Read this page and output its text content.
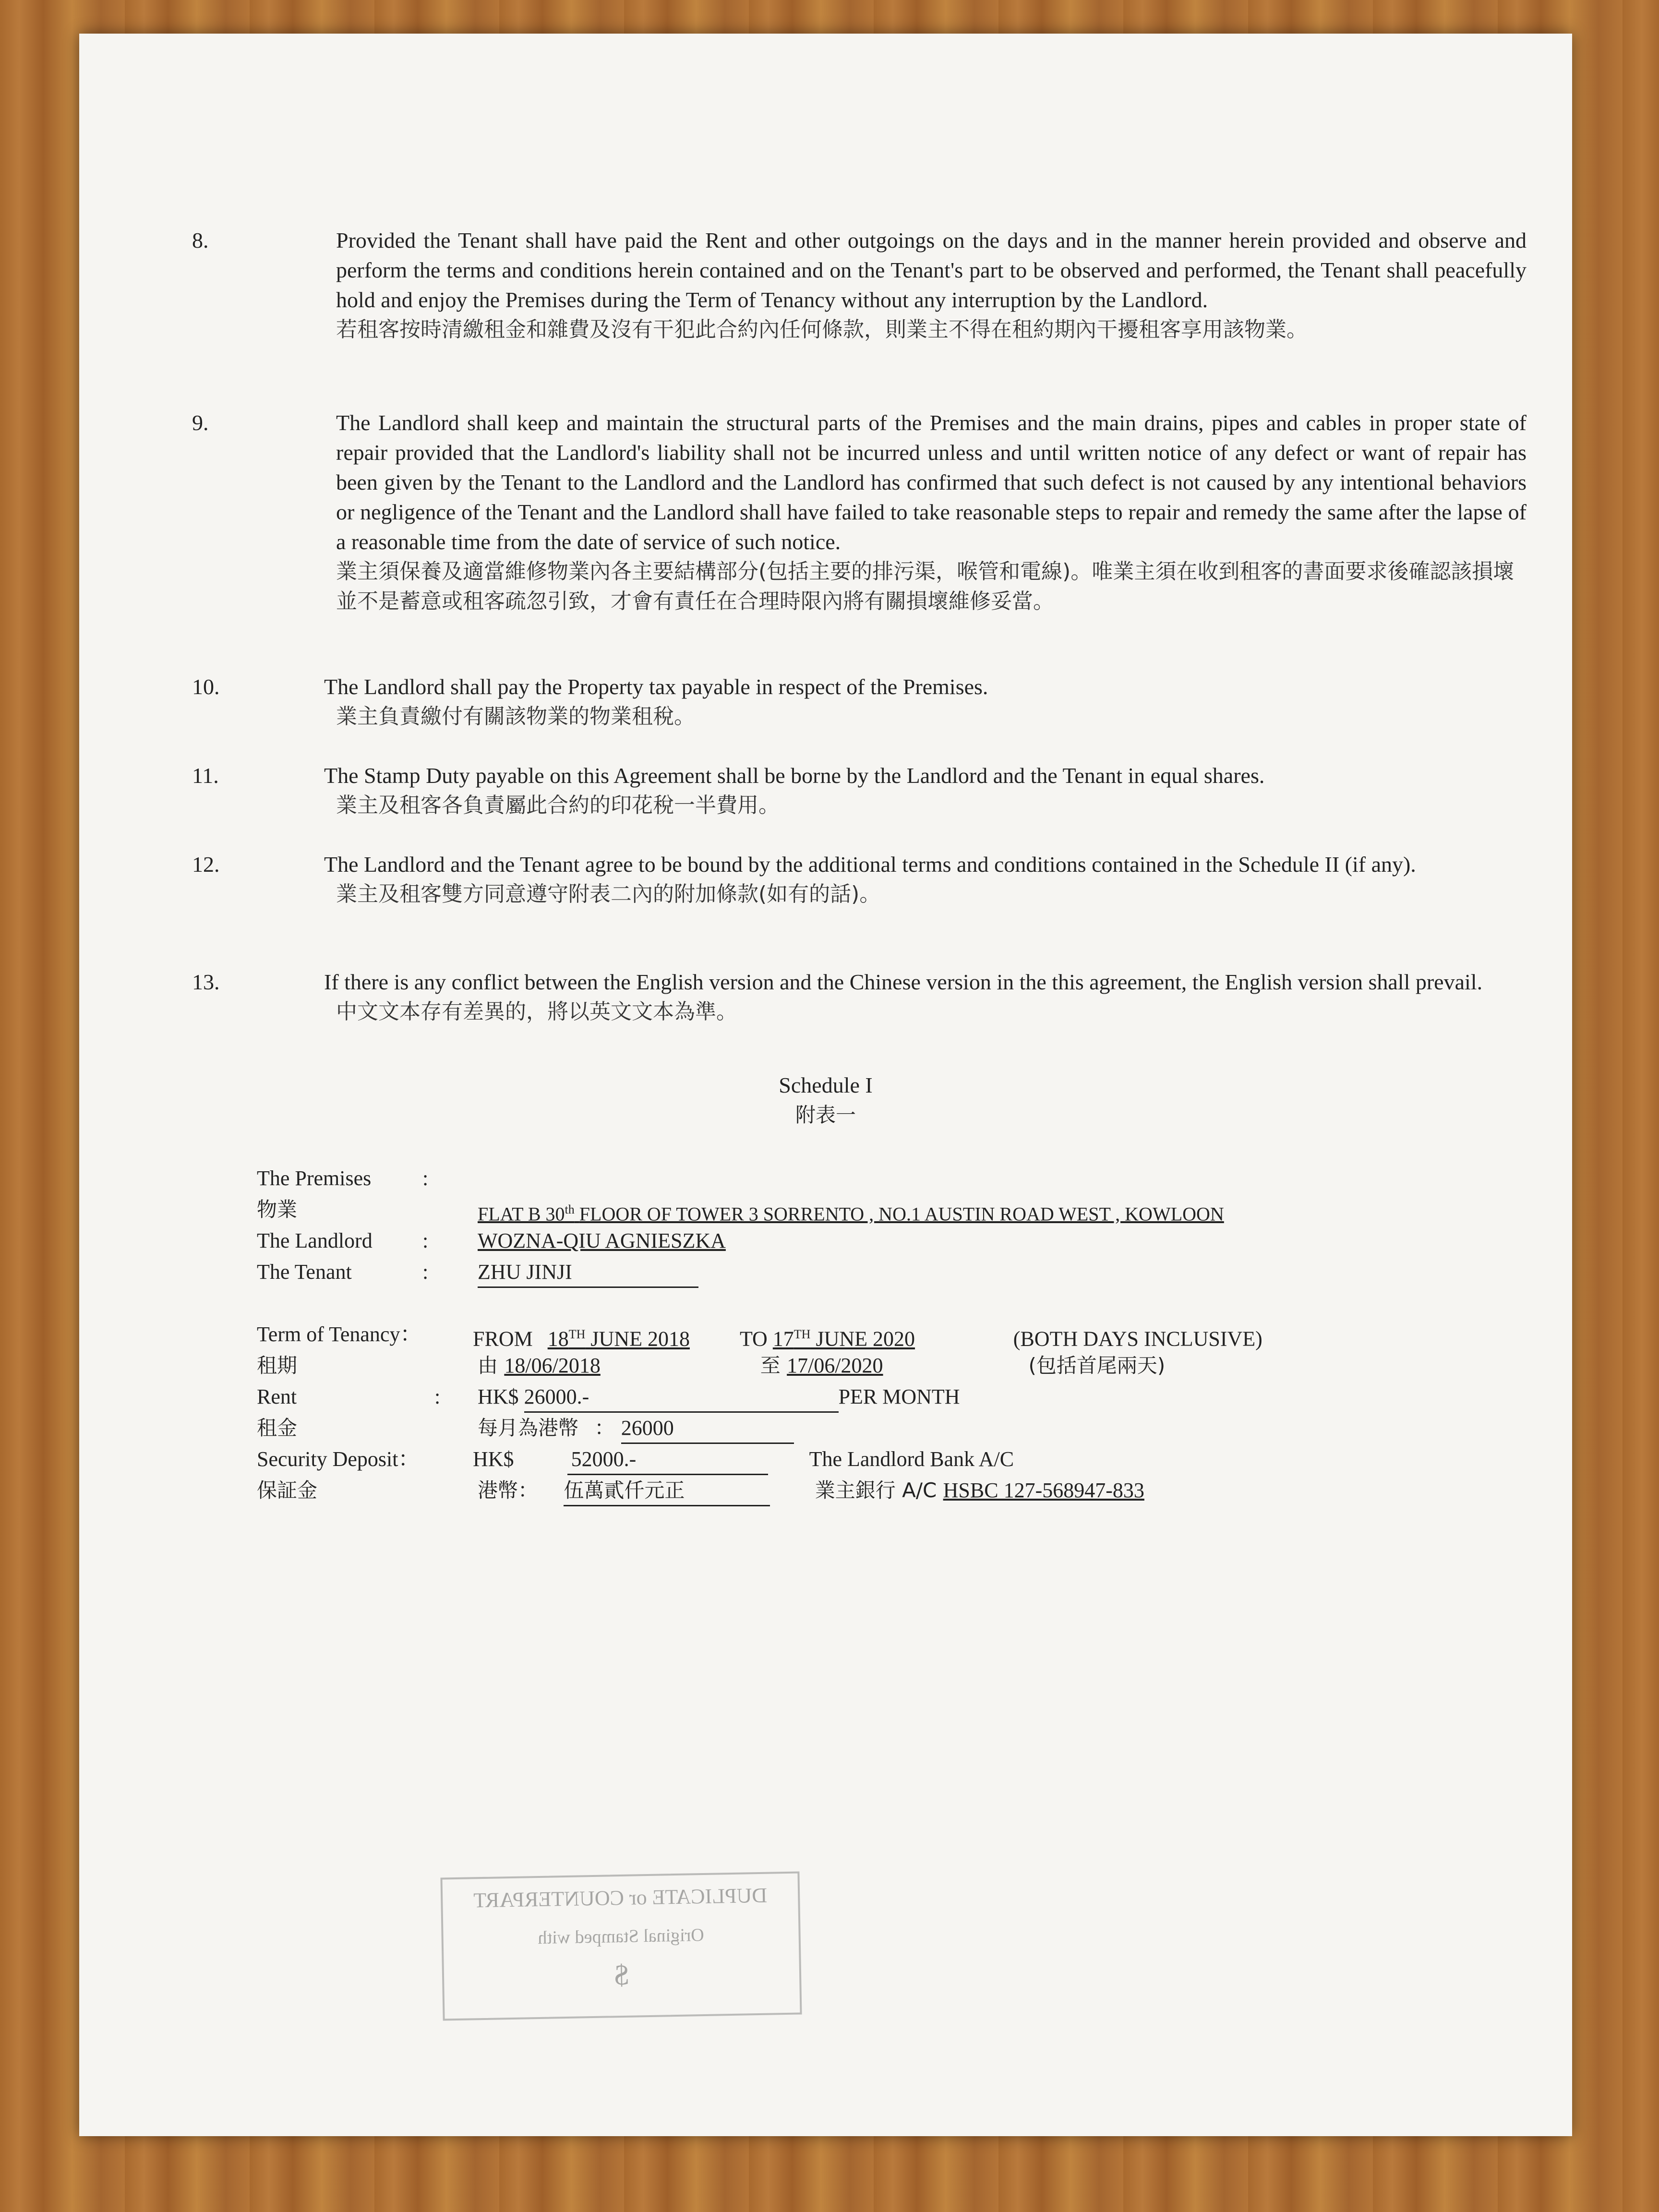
8.	Provided the Tenant shall have paid the Rent and other outgoings on the days and in the manner herein provided and observe and perform the terms and conditions herein contained and on the Tenant's part to be observed and performed, the Tenant shall peacefully hold and enjoy the Premises during the Term of Tenancy without any interruption by the Landlord.
若租客按時清繳租金和雜費及沒有干犯此合約內任何條款，則業主不得在租約期內干擾租客享用該物業。
9.	The Landlord shall keep and maintain the structural parts of the Premises and the main drains, pipes and cables in proper state of repair provided that the Landlord's liability shall not be incurred unless and until written notice of any defect or want of repair has been given by the Tenant to the Landlord and the Landlord has confirmed that such defect is not caused by any intentional behaviors or negligence of the Tenant and the Landlord shall have failed to take reasonable steps to repair and remedy the same after the lapse of a reasonable time from the date of service of such notice.
業主須保養及適當維修物業內各主要結構部分(包括主要的排污渠，喉管和電線)。唯業主須在收到租客的書面要求後確認該損壞並不是蓄意或租客疏忽引致，才會有責任在合理時限內將有關損壞維修妥當。
10.	The Landlord shall pay the Property tax payable in respect of the Premises.
業主負責繳付有關該物業的物業租稅。
11.	The Stamp Duty payable on this Agreement shall be borne by the Landlord and the Tenant in equal shares.
業主及租客各負責屬此合約的印花稅一半費用。
12.	The Landlord and the Tenant agree to be bound by the additional terms and conditions contained in the Schedule II (if any).
業主及租客雙方同意遵守附表二內的附加條款(如有的話)。
13.	If there is any conflict between the English version and the Chinese version in the this agreement, the English version shall prevail.
中文文本存有差異的，將以英文文本為準。
Schedule I
附表一
The Premises :
物業	FLAT B 30th FLOOR OF TOWER 3 SORRENTO , NO.1 AUSTIN ROAD WEST , KOWLOON
The Landlord : WOZNA-QIU AGNIESZKA
The Tenant	: ZHU JINJI
Term of Tenancy： FROM 18TH JUNE 2018 TO 17TH JUNE 2020	(BOTH DAYS INCLUSIVE)
租期	由 18/06/2018	至 17/06/2020	(包括首尾兩天)
Rent	: HK$ 26000.-	PER MONTH
租金	每月為港幣 ： 26000
Security Deposit：	HK$	52000.-	The Landlord Bank A/C
保証金	港幣： 伍萬貳仟元正	業主銀行 A/C HSBC 127-568947-833
DUPLICATE or COUNTERPART
Original Stamped with
$
